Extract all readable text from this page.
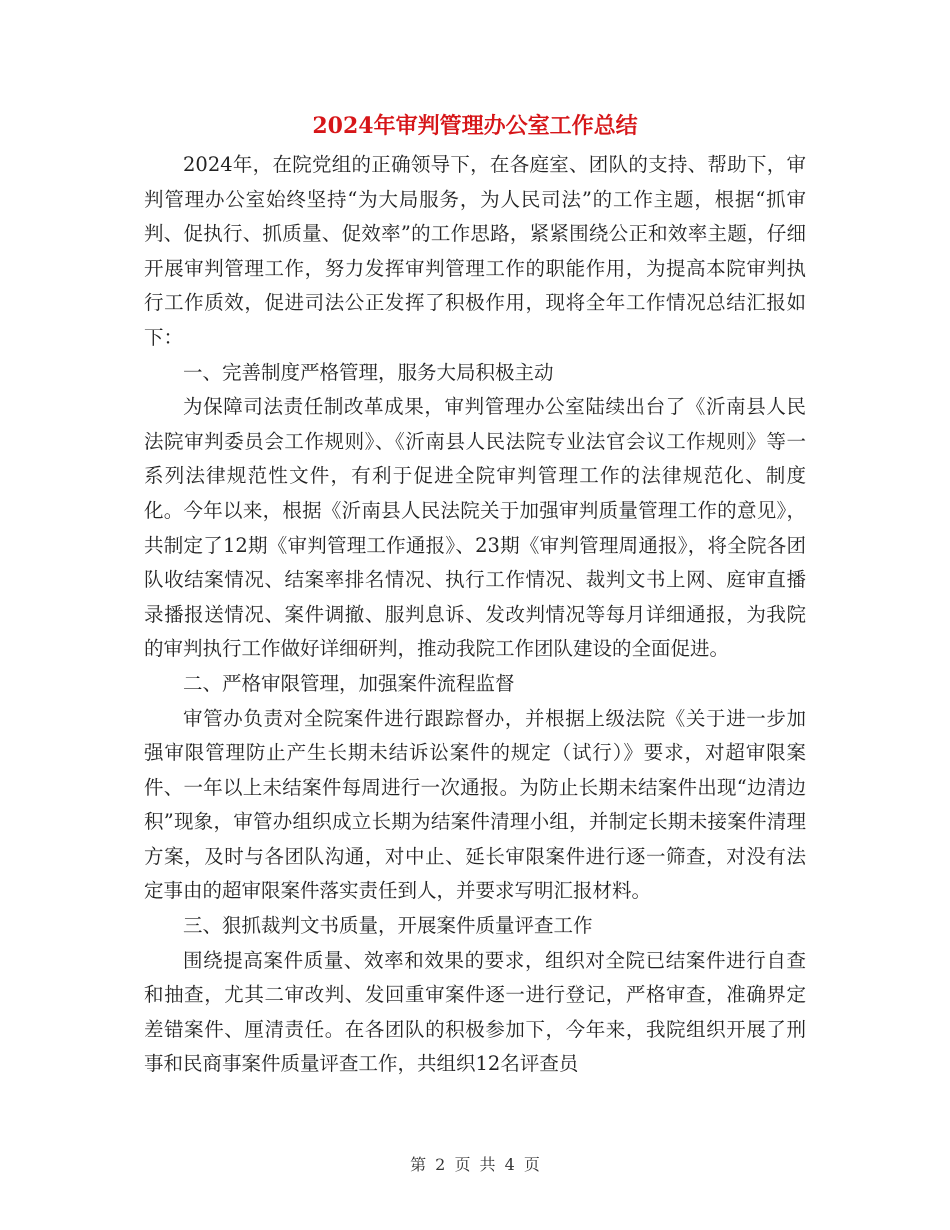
2024年审判管理办公室工作总结

2024年，在院党组的正确领导下，在各庭室、团队的支持、帮助下，审判管理办公室始终坚持“为大局服务，为人民司法”的工作主题，根据“抓审判、促执行、抓质量、促效率”的工作思路，紧紧围绕公正和效率主题，仔细开展审判管理工作，努力发挥审判管理工作的职能作用，为提高本院审判执行工作质效，促进司法公正发挥了积极作用，现将全年工作情况总结汇报如下：

一、完善制度严格管理，服务大局积极主动

为保障司法责任制改革成果，审判管理办公室陆续出台了《沂南县人民法院审判委员会工作规则》、《沂南县人民法院专业法官会议工作规则》等一系列法律规范性文件，有利于促进全院审判管理工作的法律规范化、制度化。今年以来，根据《沂南县人民法院关于加强审判质量管理工作的意见》，共制定了12期《审判管理工作通报》、23期《审判管理周通报》，将全院各团队收结案情况、结案率排名情况、执行工作情况、裁判文书上网、庭审直播录播报送情况、案件调撤、服判息诉、发改判情况等每月详细通报，为我院的审判执行工作做好详细研判，推动我院工作团队建设的全面促进。

二、严格审限管理，加强案件流程监督

审管办负责对全院案件进行跟踪督办，并根据上级法院《关于进一步加强审限管理防止产生长期未结诉讼案件的规定（试行）》要求，对超审限案件、一年以上未结案件每周进行一次通报。为防止长期未结案件出现“边清边积”现象，审管办组织成立长期为结案件清理小组，并制定长期未接案件清理方案，及时与各团队沟通，对中止、延长审限案件进行逐一筛查，对没有法定事由的超审限案件落实责任到人，并要求写明汇报材料。

三、狠抓裁判文书质量，开展案件质量评查工作

围绕提高案件质量、效率和效果的要求，组织对全院已结案件进行自查和抽查，尤其二审改判、发回重审案件逐一进行登记，严格审查，准确界定差错案件、厘清责任。在各团队的积极参加下，今年来，我院组织开展了刑事和民商事案件质量评查工作，共组织12名评查员

第 2 页 共 4 页
